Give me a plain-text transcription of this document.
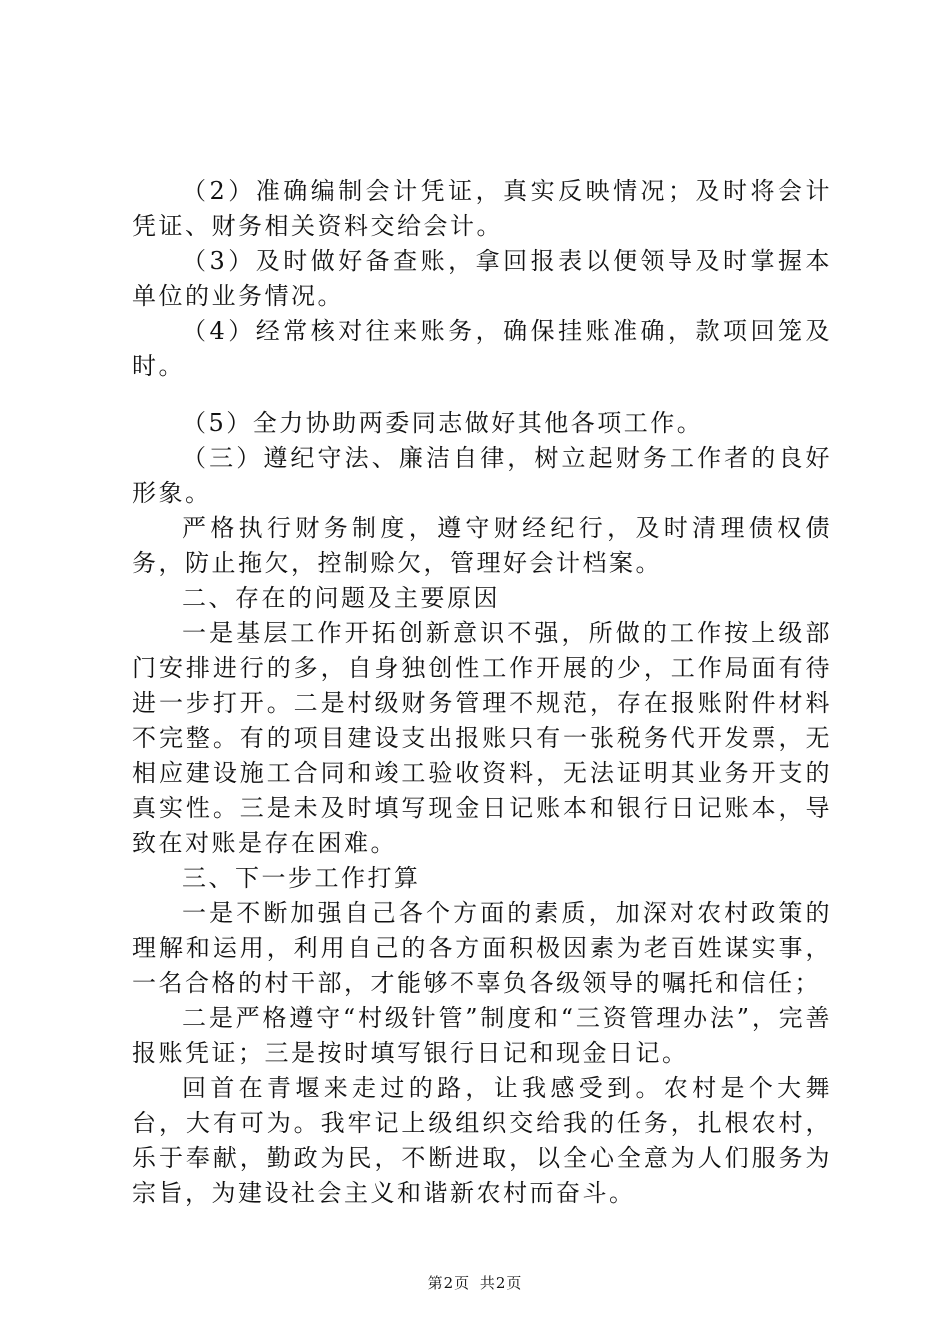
（2）准确编制会计凭证，真实反映情况；及时将会计凭证、财务相关资料交给会计。

（3）及时做好备查账，拿回报表以便领导及时掌握本单位的业务情况。

（4）经常核对往来账务，确保挂账准确，款项回笼及时。

（5）全力协助两委同志做好其他各项工作。

（三）遵纪守法、廉洁自律，树立起财务工作者的良好形象。

严格执行财务制度，遵守财经纪行，及时清理债权债务，防止拖欠，控制赊欠，管理好会计档案。

二、存在的问题及主要原因

一是基层工作开拓创新意识不强，所做的工作按上级部门安排进行的多，自身独创性工作开展的少，工作局面有待进一步打开。二是村级财务管理不规范，存在报账附件材料不完整。有的项目建设支出报账只有一张税务代开发票，无相应建设施工合同和竣工验收资料，无法证明其业务开支的真实性。三是未及时填写现金日记账本和银行日记账本，导致在对账是存在困难。

三、下一步工作打算

一是不断加强自己各个方面的素质，加深对农村政策的理解和运用，利用自己的各方面积极因素为老百姓谋实事，一名合格的村干部，才能够不辜负各级领导的嘱托和信任；

二是严格遵守“村级针管”制度和“三资管理办法”，完善报账凭证；三是按时填写银行日记和现金日记。

回首在青堰来走过的路，让我感受到。农村是个大舞台，大有可为。我牢记上级组织交给我的任务，扎根农村，乐于奉献，勤政为民，不断进取，以全心全意为人们服务为宗旨，为建设社会主义和谐新农村而奋斗。

第2页 共2页
